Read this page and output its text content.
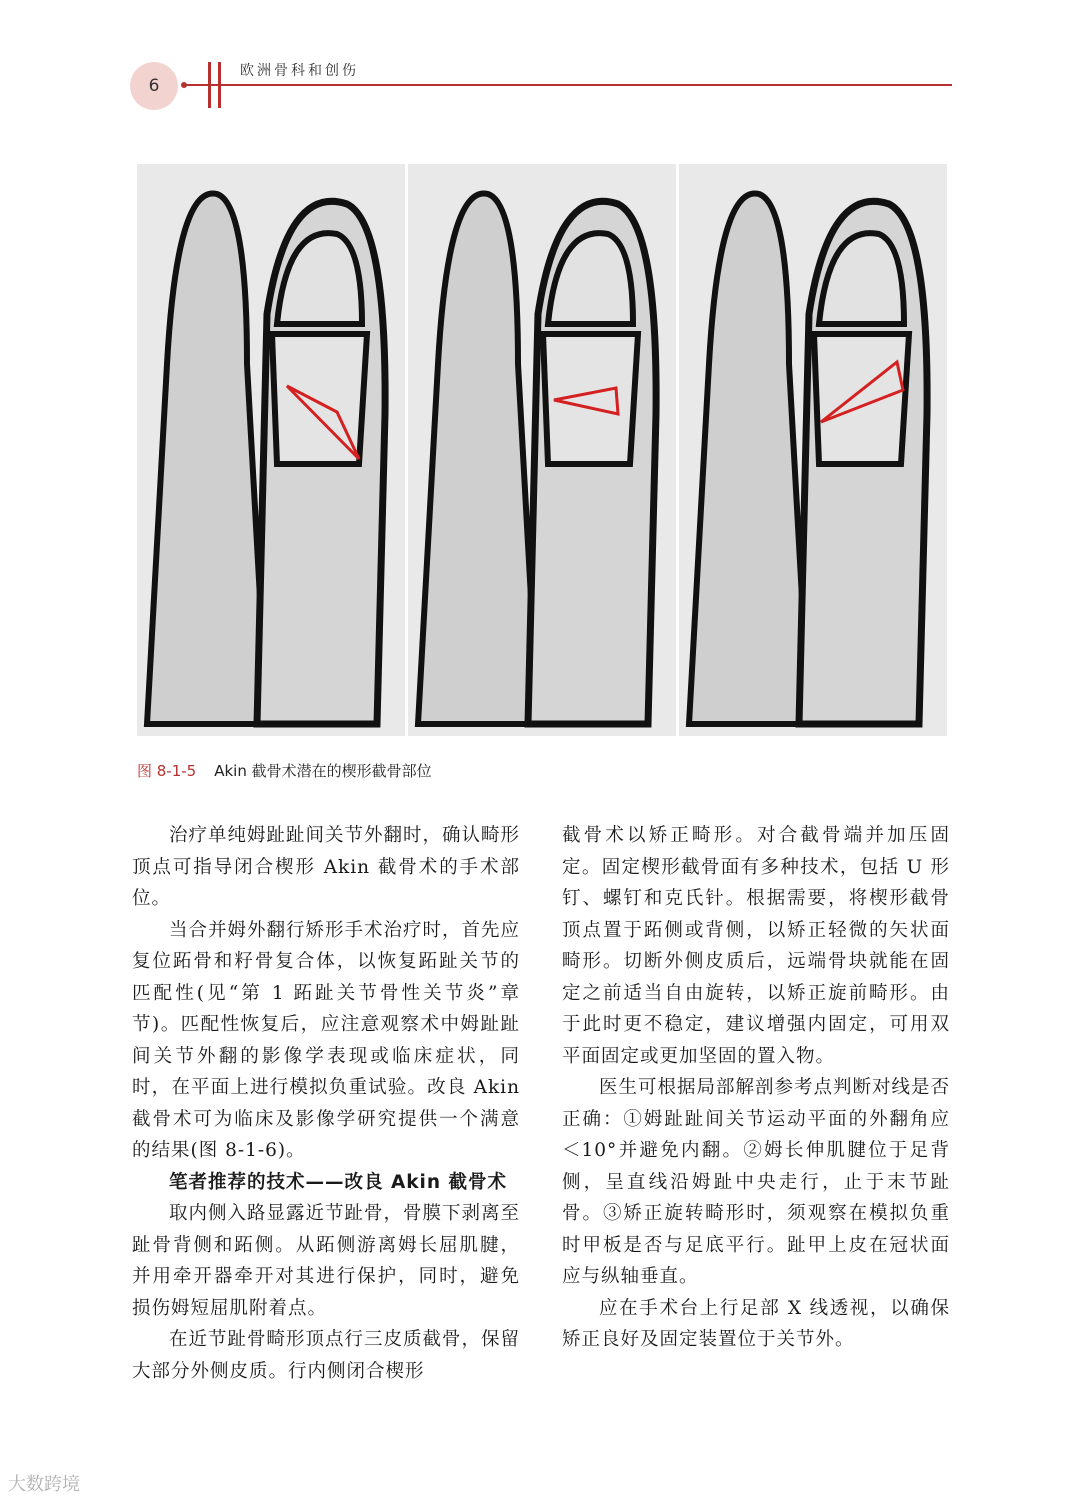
6
欧洲骨科和创伤
图 8-1-5 Akin 截骨术潜在的楔形截骨部位

治疗单纯姆趾趾间关节外翻时，确认畸形顶点可指导闭合楔形 Akin 截骨术的手术部位。

当合并姆外翻行矫形手术治疗时，首先应复位跖骨和籽骨复合体，以恢复跖趾关节的匹配性(见“第 1 跖趾关节骨性关节炎”章节)。匹配性恢复后，应注意观察术中姆趾趾间关节外翻的影像学表现或临床症状，同时，在平面上进行模拟负重试验。改良 Akin 截骨术可为临床及影像学研究提供一个满意的结果(图 8-1-6)。

笔者推荐的技术——改良 Akin 截骨术

取内侧入路显露近节趾骨，骨膜下剥离至趾骨背侧和跖侧。从跖侧游离姆长屈肌腱，并用牵开器牵开对其进行保护，同时，避免损伤姆短屈肌附着点。

在近节趾骨畸形顶点行三皮质截骨，保留大部分外侧皮质。行内侧闭合楔形

截骨术以矫正畸形。对合截骨端并加压固定。固定楔形截骨面有多种技术，包括 U 形钉、螺钉和克氏针。根据需要，将楔形截骨顶点置于跖侧或背侧，以矫正轻微的矢状面畸形。切断外侧皮质后，远端骨块就能在固定之前适当自由旋转，以矫正旋前畸形。由于此时更不稳定，建议增强内固定，可用双平面固定或更加坚固的置入物。

医生可根据局部解剖参考点判断对线是否正确：①姆趾趾间关节运动平面的外翻角应＜10°并避免内翻。②姆长伸肌腱位于足背侧，呈直线沿姆趾中央走行，止于末节趾骨。③矫正旋转畸形时，须观察在模拟负重时甲板是否与足底平行。趾甲上皮在冠状面应与纵轴垂直。

应在手术台上行足部 X 线透视，以确保矫正良好及固定装置位于关节外。

大数跨境
